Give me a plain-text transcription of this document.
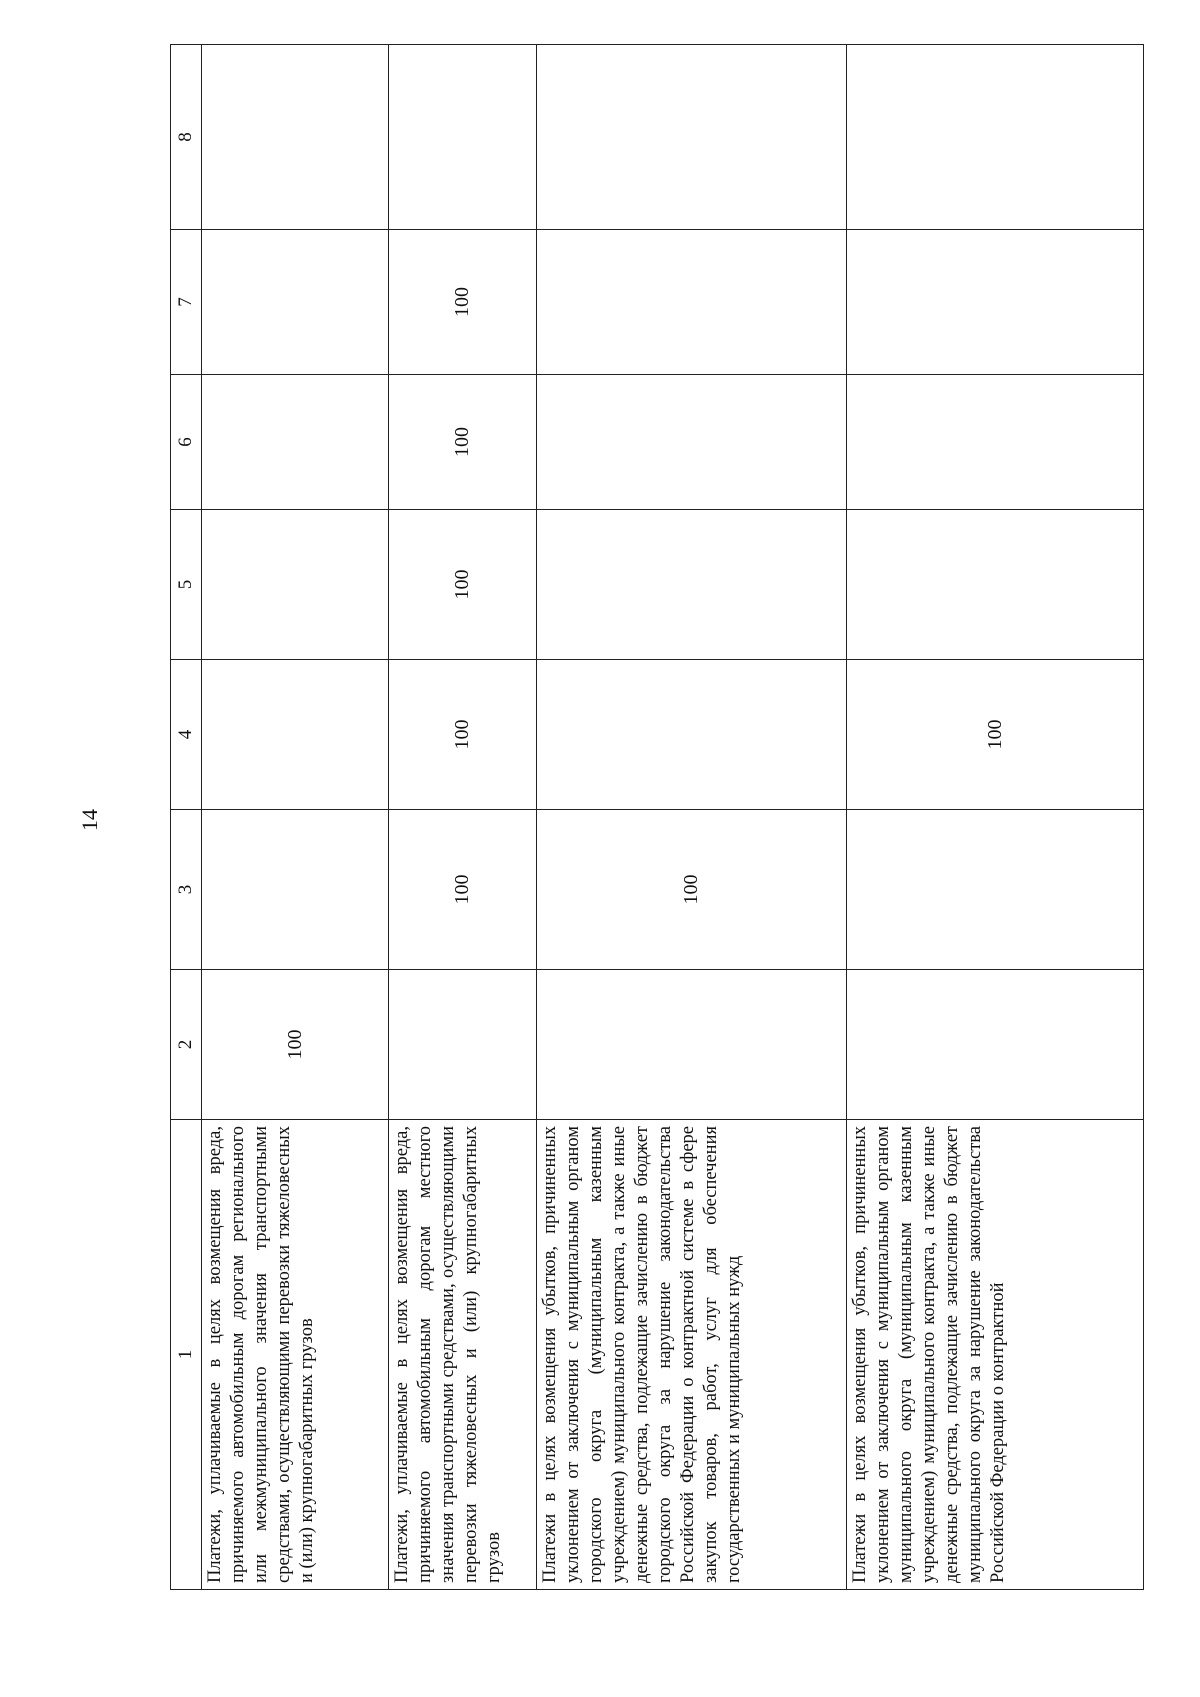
14
1	2	3	4	5	6	7	8
Платежи, уплачиваемые в целях возмещения вреда, причиняемого автомобильным дорогам регионального или межмуниципального значения транспортными средствами, осуществляющими перевозки тяжеловесных и (или) крупногабаритных грузов	100						
Платежи, уплачиваемые в целях возмещения вреда, причиняемого автомобильным дорогам местного значения транспортными средствами, осуществляющими перевозки тяжеловесных и (или) крупногабаритных грузов		100	100	100	100	100	
Платежи в целях возмещения убытков, причиненных уклонением от заключения с муниципальным органом городского округа (муниципальным казенным учреждением) муниципального контракта, а также иные денежные средства, подлежащие зачислению в бюджет городского округа за нарушение законодательства Российской Федерации о контрактной системе в сфере закупок товаров, работ, услуг для обеспечения государственных и муниципальных нужд		100					
Платежи в целях возмещения убытков, причиненных уклонением от заключения с муниципальным органом муниципального округа (муниципальным казенным учреждением) муниципального контракта, а также иные денежные средства, подлежащие зачислению в бюджет муниципального округа за нарушение законодательства Российской Федерации о контрактной			100				
